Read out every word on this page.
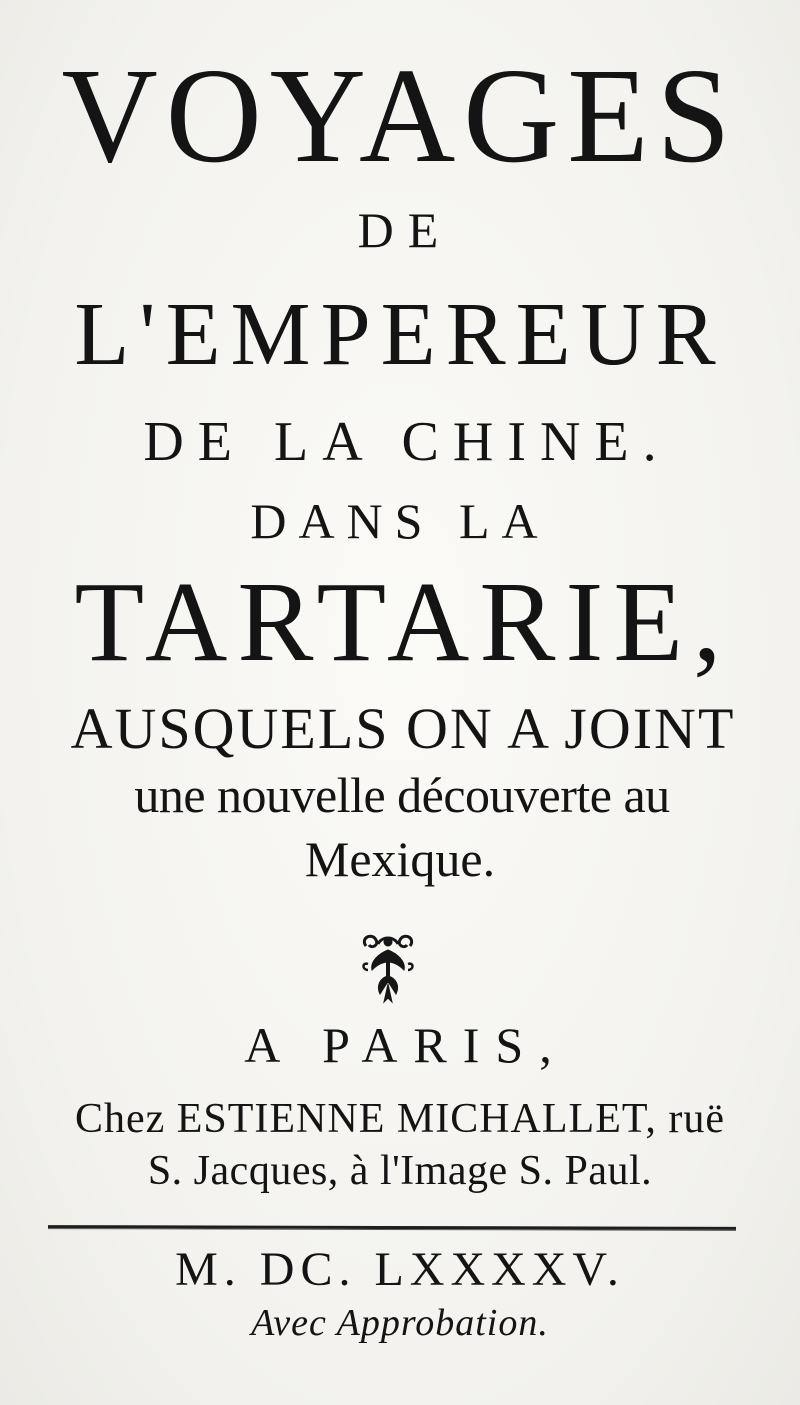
VOYAGES
DE
L'EMPEREUR
DE LA CHINE.
DANS LA
TARTARIE,
AUSQUELS ON A JOINT
une nouvelle découverte au
Mexique.
A PARIS,
Chez ESTIENNE MICHALLET, ruë
S. Jacques, à l'Image S. Paul.
M. DC. LXXXXV.
Avec Approbation.
